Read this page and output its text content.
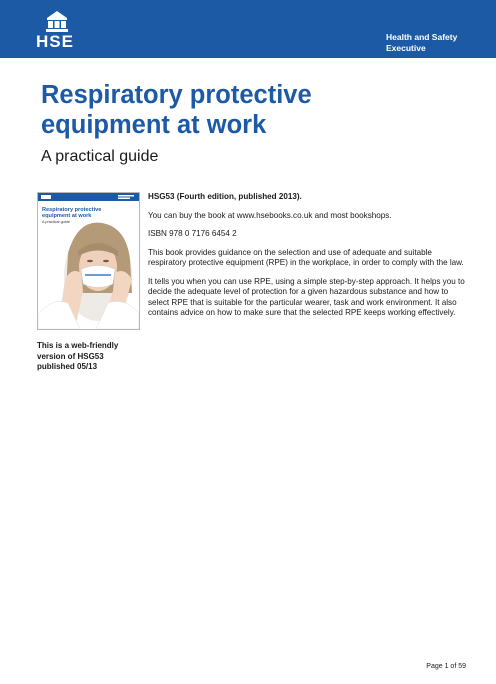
HSE	Health and Safety
Executive
Respiratory protective
equipment at work
A practical guide
Respiratory protective
equipment at work
A practical guide
This is a web-friendly
version of HSG53
published 05/13

HSG53 (Fourth edition, published 2013).

You can buy the book at www.hsebooks.co.uk and most bookshops.

ISBN 978 0 7176 6454 2

This book provides guidance on the selection and use of adequate and suitable respiratory protective equipment (RPE) in the workplace, in order to comply with the law.

It tells you when you can use RPE, using a simple step-by-step approach. It helps you to decide the adequate level of protection for a given hazardous substance and how to select RPE that is suitable for the particular wearer, task and work environment. It also contains advice on how to make sure that the selected RPE keeps working effectively.

Page 1 of 59
